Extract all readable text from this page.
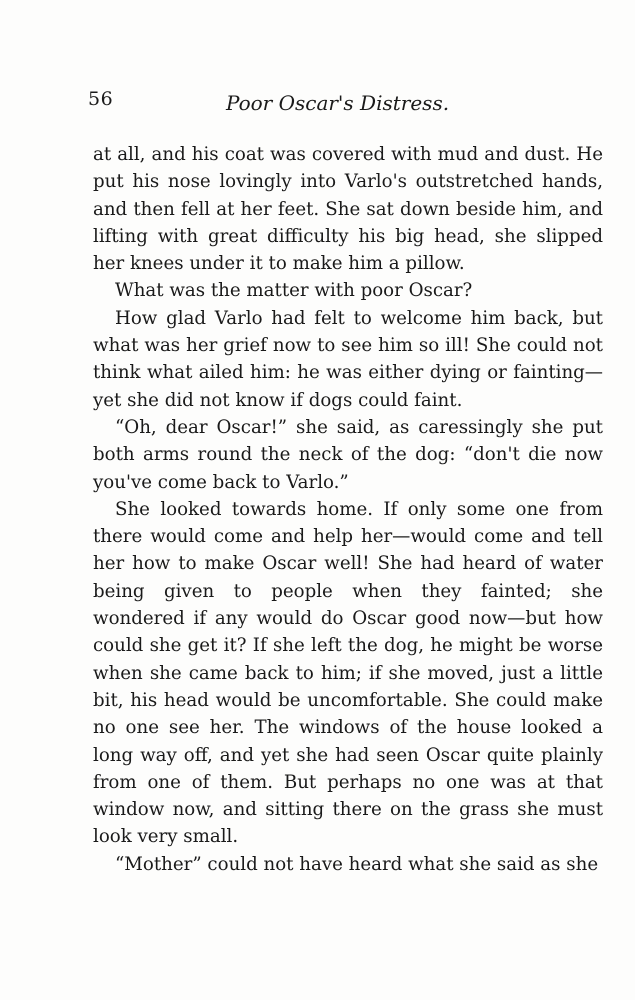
56	Poor Oscar's Distress.

at all, and his coat was covered with mud and dust. He put his nose lovingly into Varlo's outstretched hands, and then fell at her feet. She sat down beside him, and lifting with great difficulty his big head, she slipped her knees under it to make him a pillow.

What was the matter with poor Oscar?

How glad Varlo had felt to welcome him back, but what was her grief now to see him so ill! She could not think what ailed him: he was either dying or fainting—yet she did not know if dogs could faint.

“Oh, dear Oscar!” she said, as caressingly she put both arms round the neck of the dog: “don't die now you've come back to Varlo.”

She looked towards home. If only some one from there would come and help her—would come and tell her how to make Oscar well! She had heard of water being given to people when they fainted; she wondered if any would do Oscar good now—but how could she get it? If she left the dog, he might be worse when she came back to him; if she moved, just a little bit, his head would be uncomfortable. She could make no one see her. The windows of the house looked a long way off, and yet she had seen Oscar quite plainly from one of them. But perhaps no one was at that window now, and sitting there on the grass she must look very small.

“Mother” could not have heard what she said as she
